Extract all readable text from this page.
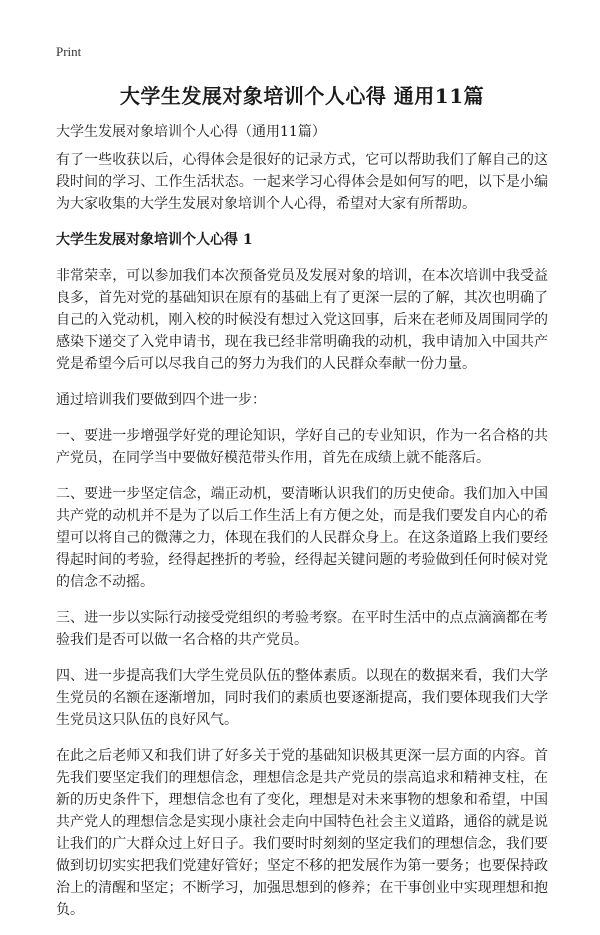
Print
大学生发展对象培训个人心得 通用11篇
大学生发展对象培训个人心得（通用11篇）

有了一些收获以后，心得体会是很好的记录方式，它可以帮助我们了解自己的这段时间的学习、工作生活状态。一起来学习心得体会是如何写的吧，以下是小编为大家收集的大学生发展对象培训个人心得，希望对大家有所帮助。

大学生发展对象培训个人心得 1

非常荣幸，可以参加我们本次预备党员及发展对象的培训，在本次培训中我受益良多，首先对党的基础知识在原有的基础上有了更深一层的了解，其次也明确了自己的入党动机，刚入校的时候没有想过入党这回事，后来在老师及周围同学的感染下递交了入党申请书，现在我已经非常明确我的动机，我申请加入中国共产党是希望今后可以尽我自己的努力为我们的人民群众奉献一份力量。

通过培训我们要做到四个进一步：

一、要进一步增强学好党的理论知识，学好自己的专业知识，作为一名合格的共产党员，在同学当中要做好模范带头作用，首先在成绩上就不能落后。

二、要进一步坚定信念，端正动机，要清晰认识我们的历史使命。我们加入中国共产党的动机并不是为了以后工作生活上有方便之处，而是我们要发自内心的希望可以将自己的微薄之力，体现在我们的人民群众身上。在这条道路上我们要经得起时间的考验，经得起挫折的考验，经得起关键问题的考验做到任何时候对党的信念不动摇。

三、进一步以实际行动接受党组织的考验考察。在平时生活中的点点滴滴都在考验我们是否可以做一名合格的共产党员。

四、进一步提高我们大学生党员队伍的整体素质。以现在的数据来看，我们大学生党员的名额在逐渐增加，同时我们的素质也要逐渐提高，我们要体现我们大学生党员这只队伍的良好风气。

在此之后老师又和我们讲了好多关于党的基础知识极其更深一层方面的内容。首先我们要坚定我们的理想信念，理想信念是共产党员的崇高追求和精神支柱，在新的历史条件下，理想信念也有了变化，理想是对未来事物的想象和希望，中国共产党人的理想信念是实现小康社会走向中国特色社会主义道路，通俗的就是说让我们的广大群众过上好日子。我们要时时刻刻的坚定我们的理想信念，我们要做到切切实实把我们党建好管好；坚定不移的把发展作为第一要务；也要保持政治上的清醒和坚定；不断学习，加强思想到的修养；在干事创业中实现理想和抱负。
